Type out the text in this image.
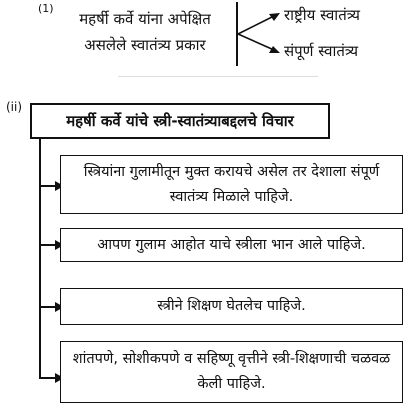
(1)
महर्षी कर्वे यांना अपेक्षित
असलेले स्वातंत्र्य प्रकार
राष्ट्रीय स्वातंत्र्य
संपूर्ण स्वातंत्र्य
(ii)
महर्षी कर्वे यांचे स्त्री-स्वातंत्र्याबद्दलचे विचार
स्त्रियांना गुलामीतून मुक्त करायचे असेल तर देशाला संपूर्ण स्वातंत्र्य मिळाले पाहिजे.
आपण गुलाम आहोत याचे स्त्रीला भान आले पाहिजे.
स्त्रीने शिक्षण घेतलेच पाहिजे.
शांतपणे, सोशीकपणे व सहिष्णू वृत्तीने स्त्री-शिक्षणाची चळवळ केली पाहिजे.
